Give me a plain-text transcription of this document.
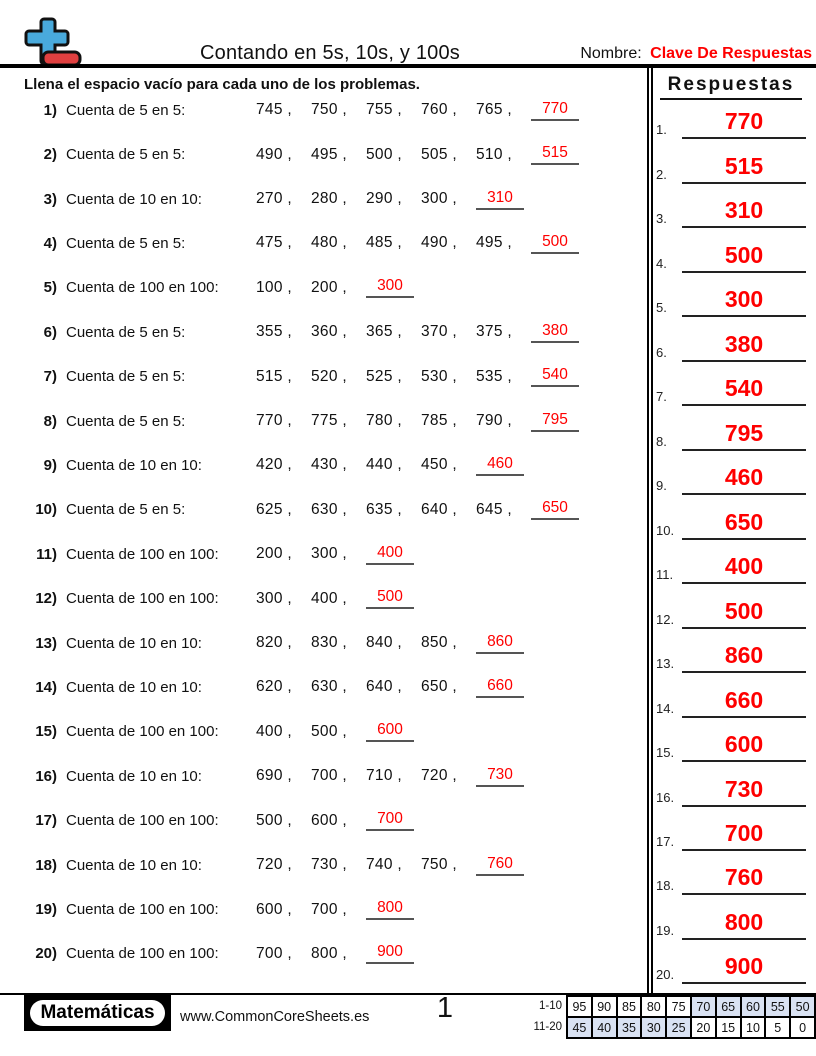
Contando en 5s, 10s, y 100s	Nombre: Clave De Respuestas
Llena el espacio vacío para cada uno de los problemas.	Respuestas
1) Cuenta de 5 en 5:	745 ,	750 ,	755 ,	760 ,	765 ,	770
2) Cuenta de 5 en 5:	490 ,	495 ,	500 ,	505 ,	510 ,	515
3) Cuenta de 10 en 10:	270 ,	280 ,	290 ,	300 ,	310
4) Cuenta de 5 en 5:	475 ,	480 ,	485 ,	490 ,	495 ,	500
5) Cuenta de 100 en 100:	100 ,	200 ,	300
6) Cuenta de 5 en 5:	355 ,	360 ,	365 ,	370 ,	375 ,	380
7) Cuenta de 5 en 5:	515 ,	520 ,	525 ,	530 ,	535 ,	540
8) Cuenta de 5 en 5:	770 ,	775 ,	780 ,	785 ,	790 ,	795
9) Cuenta de 10 en 10:	420 ,	430 ,	440 ,	450 ,	460
10) Cuenta de 5 en 5:	625 ,	630 ,	635 ,	640 ,	645 ,	650
11) Cuenta de 100 en 100:	200 ,	300 ,	400
12) Cuenta de 100 en 100:	300 ,	400 ,	500
13) Cuenta de 10 en 10:	820 ,	830 ,	840 ,	850 ,	860
14) Cuenta de 10 en 10:	620 ,	630 ,	640 ,	650 ,	660
15) Cuenta de 100 en 100:	400 ,	500 ,	600
16) Cuenta de 10 en 10:	690 ,	700 ,	710 ,	720 ,	730
17) Cuenta de 100 en 100:	500 ,	600 ,	700
18) Cuenta de 10 en 10:	720 ,	730 ,	740 ,	750 ,	760
19) Cuenta de 100 en 100:	600 ,	700 ,	800
20) Cuenta de 100 en 100:	700 ,	800 ,	900
1.	770
2.	515
3.	310
4.	500
5.	300
6.	380
7.	540
8.	795
9.	460
10.	650
11.	400
12.	500
13.	860
14.	660
15.	600
16.	730
17.	700
18.	760
19.	800
20.	900
Matemáticas	www.CommonCoreSheets.es	1	1-10
11-20
95	90	85	80	75	70	65	60	55	50
45	40	35	30	25	20	15	10	5	0
